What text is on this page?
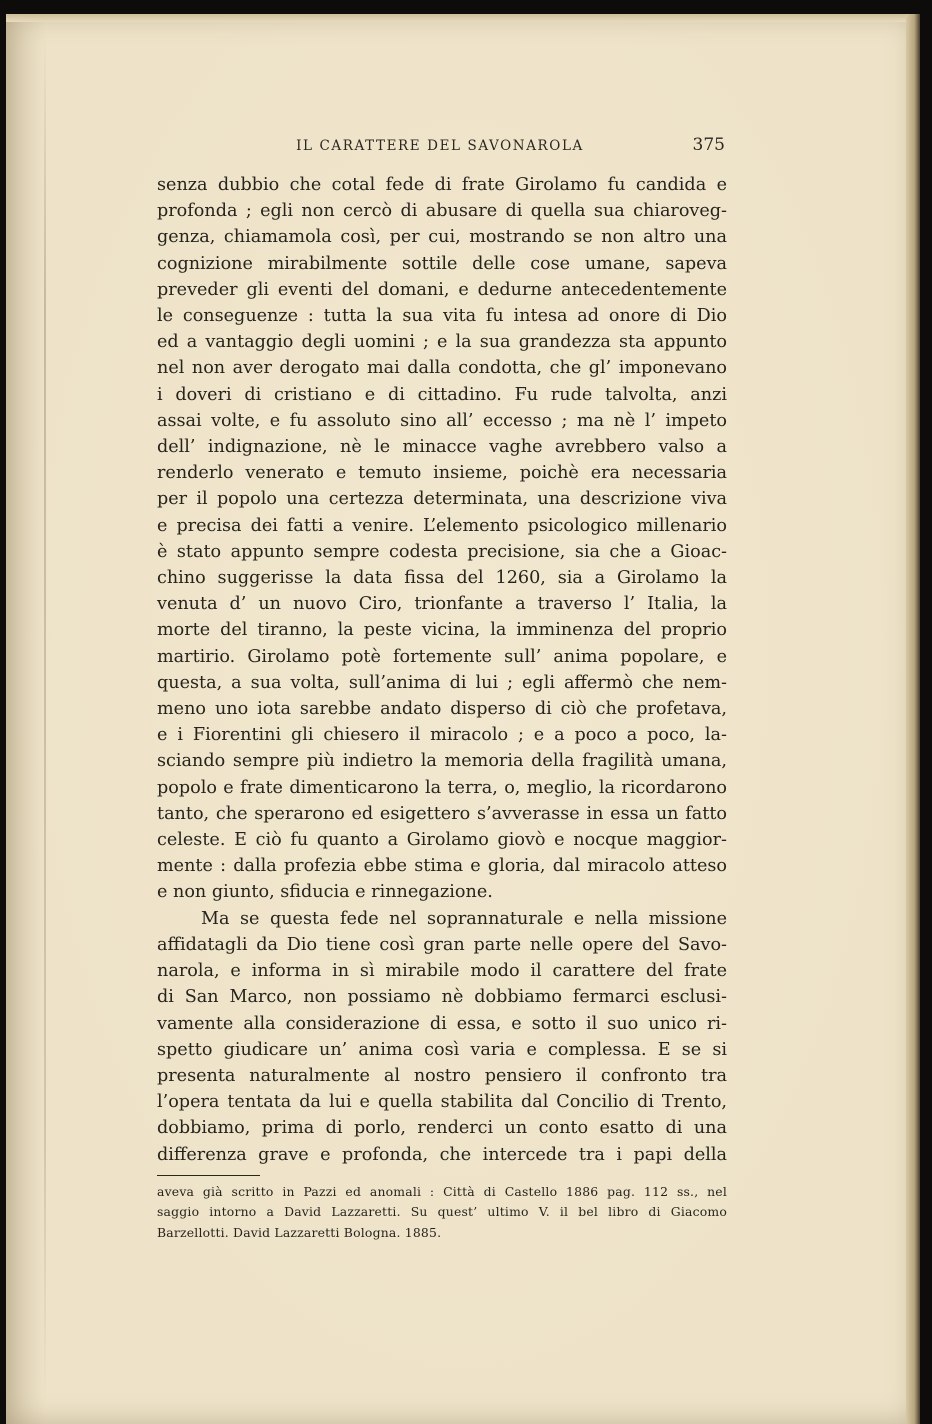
IL CARATTERE DEL SAVONAROLA	375
senza dubbio che cotal fede di frate Girolamo fu candida e
profonda ; egli non cercò di abusare di quella sua chiaroveg-
genza, chiamamola così, per cui, mostrando se non altro una
cognizione mirabilmente sottile delle cose umane, sapeva
preveder gli eventi del domani, e dedurne antecedentemente
le conseguenze : tutta la sua vita fu intesa ad onore di Dio
ed a vantaggio degli uomini ; e la sua grandezza sta appunto
nel non aver derogato mai dalla condotta, che gl’ imponevano
i doveri di cristiano e di cittadino. Fu rude talvolta, anzi
assai volte, e fu assoluto sino all’ eccesso ; ma nè l’ impeto
dell’ indignazione, nè le minacce vaghe avrebbero valso a
renderlo venerato e temuto insieme, poichè era necessaria
per il popolo una certezza determinata, una descrizione viva
e precisa dei fatti a venire. L’elemento psicologico millenario
è stato appunto sempre codesta precisione, sia che a Gioac-
chino suggerisse la data fissa del 1260, sia a Girolamo la
venuta d’ un nuovo Ciro, trionfante a traverso l’ Italia, la
morte del tiranno, la peste vicina, la imminenza del proprio
martirio. Girolamo potè fortemente sull’ anima popolare, e
questa, a sua volta, sull’anima di lui ; egli affermò che nem-
meno uno iota sarebbe andato disperso di ciò che profetava,
e i Fiorentini gli chiesero il miracolo ; e a poco a poco, la-
sciando sempre più indietro la memoria della fragilità umana,
popolo e frate dimenticarono la terra, o, meglio, la ricordarono
tanto, che sperarono ed esigettero s’avverasse in essa un fatto
celeste. E ciò fu quanto a Girolamo giovò e nocque maggior-
mente : dalla profezia ebbe stima e gloria, dal miracolo atteso
e non giunto, sfiducia e rinnegazione.
Ma se questa fede nel soprannaturale e nella missione
affidatagli da Dio tiene così gran parte nelle opere del Savo-
narola, e informa in sì mirabile modo il carattere del frate
di San Marco, non possiamo nè dobbiamo fermarci esclusi-
vamente alla considerazione di essa, e sotto il suo unico ri-
spetto giudicare un’ anima così varia e complessa. E se si
presenta naturalmente al nostro pensiero il confronto tra
l’opera tentata da lui e quella stabilita dal Concilio di Trento,
dobbiamo, prima di porlo, renderci un conto esatto di una
differenza grave e profonda, che intercede tra i papi della
aveva già scritto in Pazzi ed anomali : Città di Castello 1886 pag. 112 ss., nel
saggio intorno a David Lazzaretti. Su quest’ ultimo V. il bel libro di Giacomo
Barzellotti. David Lazzaretti Bologna. 1885.
